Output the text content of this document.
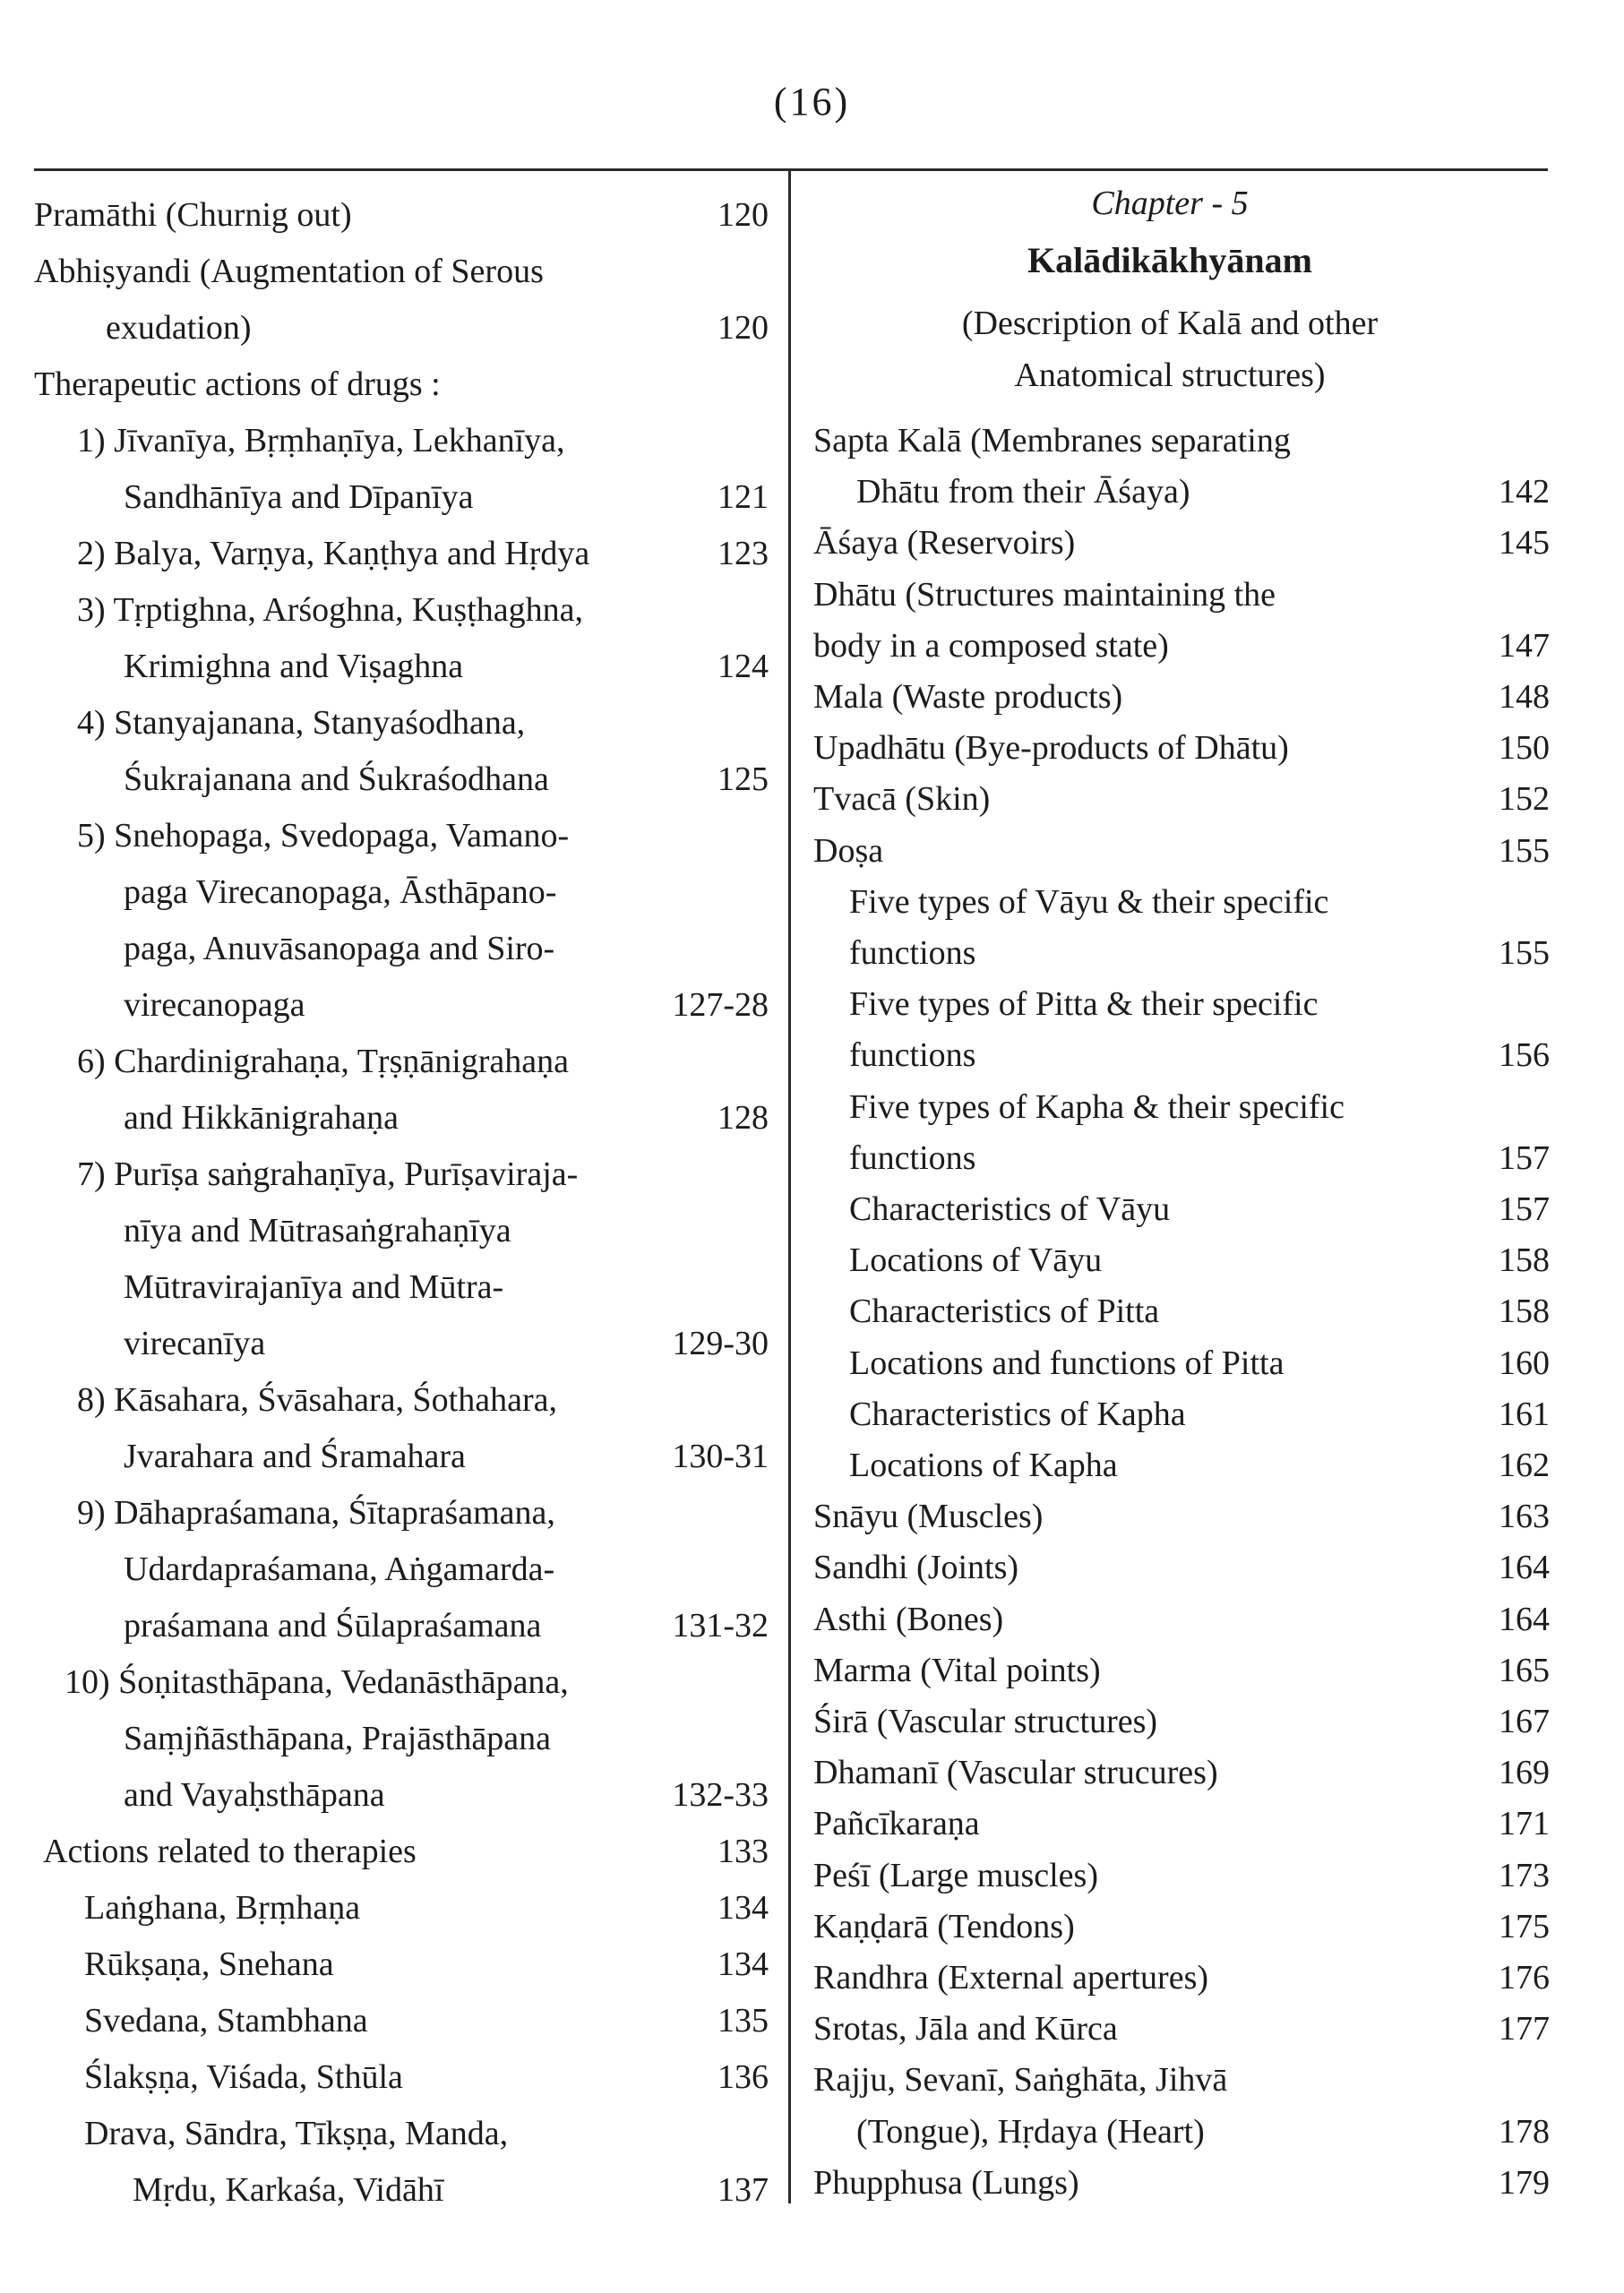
(16)
Pramāthi (Churnig out)	120
Abhiṣyandi (Augmentation of Serous
exudation)	120
Therapeutic actions of drugs :
1) Jīvanīya, Bṛṃhaṇīya, Lekhanīya,
Sandhānīya and Dīpanīya	121
2) Balya, Varṇya, Kaṇṭhya and Hṛdya	123
3) Tṛptighna, Arśoghna, Kuṣṭhaghna,
Krimighna and Viṣaghna	124
4) Stanyajanana, Stanyaśodhana,
Śukrajanana and Śukraśodhana	125
5) Snehopaga, Svedopaga, Vamano-
paga Virecanopaga, Āsthāpano-
paga, Anuvāsanopaga and Siro-
virecanopaga	127-28
6) Chardinigrahaṇa, Tṛṣṇānigrahaṇa
and Hikkānigrahaṇa	128
7) Purīṣa saṅgrahaṇīya, Purīṣaviraja-
nīya and Mūtrasaṅgrahaṇīya
Mūtravirajanīya and Mūtra-
virecanīya	129-30
8) Kāsahara, Śvāsahara, Śothahara,
Jvarahara and Śramahara	130-31
9) Dāhapraśamana, Śītapraśamana,
Udardapraśamana, Aṅgamarda-
praśamana and Śūlapraśamana	131-32
10) Śoṇitasthāpana, Vedanāsthāpana,
Saṃjñāsthāpana, Prajāsthāpana
and Vayaḥsthāpana	132-33
Actions related to therapies	133
Laṅghana, Bṛṃhaṇa	134
Rūkṣaṇa, Snehana	134
Svedana, Stambhana	135
Ślakṣṇa, Viśada, Sthūla	136
Drava, Sāndra, Tīkṣṇa, Manda,
Mṛdu, Karkaśa, Vidāhī	137
Chapter - 5
Kalādikākhyānam
(Description of Kalā and other
Anatomical structures)
Sapta Kalā (Membranes separating
Dhātu from their Āśaya)	142
Āśaya (Reservoirs)	145
Dhātu (Structures maintaining the
body in a composed state)	147
Mala (Waste products)	148
Upadhātu (Bye-products of Dhātu)	150
Tvacā (Skin)	152
Doṣa	155
Five types of Vāyu & their specific
functions	155
Five types of Pitta & their specific
functions	156
Five types of Kapha & their specific
functions	157
Characteristics of Vāyu	157
Locations of Vāyu	158
Characteristics of Pitta	158
Locations and functions of Pitta	160
Characteristics of Kapha	161
Locations of Kapha	162
Snāyu (Muscles)	163
Sandhi (Joints)	164
Asthi (Bones)	164
Marma (Vital points)	165
Śirā (Vascular structures)	167
Dhamanī (Vascular strucures)	169
Pañcīkaraṇa	171
Peśī (Large muscles)	173
Kaṇḍarā (Tendons)	175
Randhra (External apertures)	176
Srotas, Jāla and Kūrca	177
Rajju, Sevanī, Saṅghāta, Jihvā
(Tongue), Hṛdaya (Heart)	178
Phupphusa (Lungs)	179
